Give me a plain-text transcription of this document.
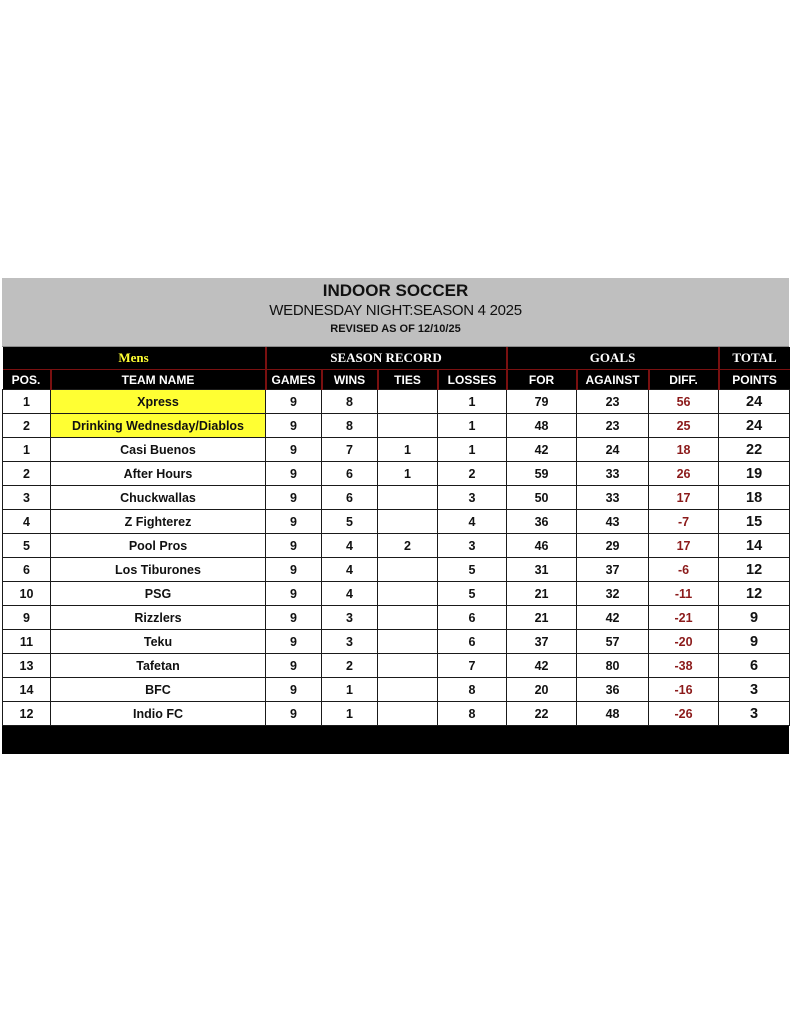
INDOOR SOCCER
WEDNESDAY NIGHT:SEASON 4 2025
REVISED AS OF 12/10/25
Mens		SEASON RECORD				GOALS			TOTAL
POS.	TEAM NAME	GAMES	WINS	TIES	LOSSES	FOR	AGAINST	DIFF.	POINTS
1	Xpress	9	8		1	79	23	56	24
2	Drinking Wednesday/Diablos	9	8		1	48	23	25	24
1	Casi Buenos	9	7	1	1	42	24	18	22
2	After Hours	9	6	1	2	59	33	26	19
3	Chuckwallas	9	6		3	50	33	17	18
4	Z Fighterez	9	5		4	36	43	-7	15
5	Pool Pros	9	4	2	3	46	29	17	14
6	Los Tiburones	9	4		5	31	37	-6	12
10	PSG	9	4		5	21	32	-11	12
9	Rizzlers	9	3		6	21	42	-21	9
11	Teku	9	3		6	37	57	-20	9
13	Tafetan	9	2		7	42	80	-38	6
14	BFC	9	1		8	20	36	-16	3
12	Indio FC	9	1		8	22	48	-26	3
